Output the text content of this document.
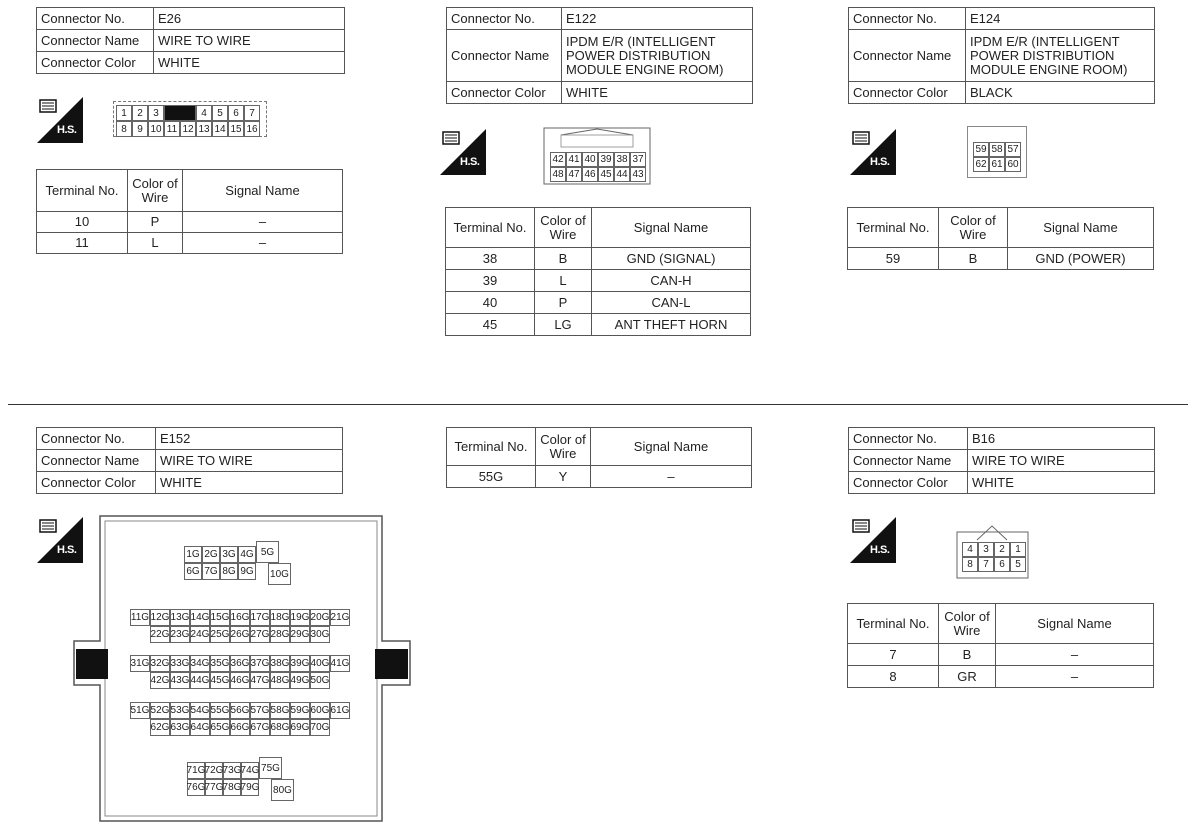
Connector No.	E26
Connector Name	WIRE TO WIRE
Connector Color	WHITE
H.S.
1	2	3	4	5	6	7
8	9 10 11 12 13 14 15 16
Terminal No.	Color of Wire	Signal Name
10	P	–
11	L	–
Connector No.	E122
Connector Name	IPDM E/R (INTELLIGENT POWER DISTRIBUTION MODULE ENGINE ROOM)
Connector Color	WHITE
H.S.	42 41 40 39 38 37
48 47 46 45 44 43
Terminal No.	Color of Wire	Signal Name
38	B	GND (SIGNAL)
39	L	CAN-H
40	P	CAN-L
45	LG	ANT THEFT HORN
Connector No.	E124
Connector Name	IPDM E/R (INTELLIGENT POWER DISTRIBUTION MODULE ENGINE ROOM)
Connector Color	BLACK
H.S.
59 58 57
62 61 60
Terminal No.	Color of Wire	Signal Name
59	B	GND (POWER)
Connector No.	E152
Connector Name	WIRE TO WIRE
Connector Color	WHITE
H.S.	1G 2G 3G 4G
6G 7G 8G 9G
5G
10G
11G 12G 13G 14G 15G 16G 17G 18G 19G 20G 21G
22G 23G 24G 25G 26G 27G 28G 29G 30G
31G 32G 33G 34G 35G 36G 37G 38G 39G 40G 41G
42G 43G 44G 45G 46G 47G 48G 49G 50G
51G 52G 53G 54G 55G 56G 57G 58G 59G 60G 61G
62G 63G 64G 65G 66G 67G 68G 69G 70G
71G 72G 73G 74G
76G 77G 78G 79G
75G
80G
Terminal No.	Color of Wire	Signal Name
55G	Y	–
Connector No.	B16
Connector Name	WIRE TO WIRE
Connector Color	WHITE
H.S.	4	3	2	1
8	7	6	5
Terminal No.	Color of Wire	Signal Name
7	B	–
8	GR	–
